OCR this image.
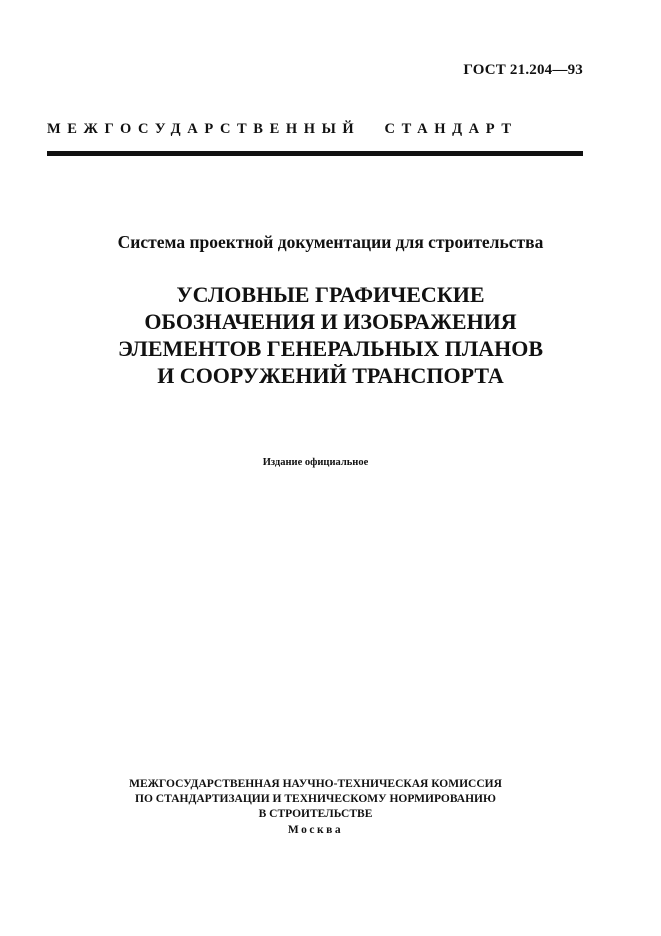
ГОСТ 21.204—93
МЕЖГОСУДАРСТВЕННЫЙ СТАНДАРТ
Система проектной документации для строительства
УСЛОВНЫЕ ГРАФИЧЕСКИЕ
ОБОЗНАЧЕНИЯ И ИЗОБРАЖЕНИЯ
ЭЛЕМЕНТОВ ГЕНЕРАЛЬНЫХ ПЛАНОВ
И СООРУЖЕНИЙ ТРАНСПОРТА
Издание официальное
МЕЖГОСУДАРСТВЕННАЯ НАУЧНО-ТЕХНИЧЕСКАЯ КОМИССИЯ
ПО СТАНДАРТИЗАЦИИ И ТЕХНИЧЕСКОМУ НОРМИРОВАНИЮ
В СТРОИТЕЛЬСТВЕ
Москва
